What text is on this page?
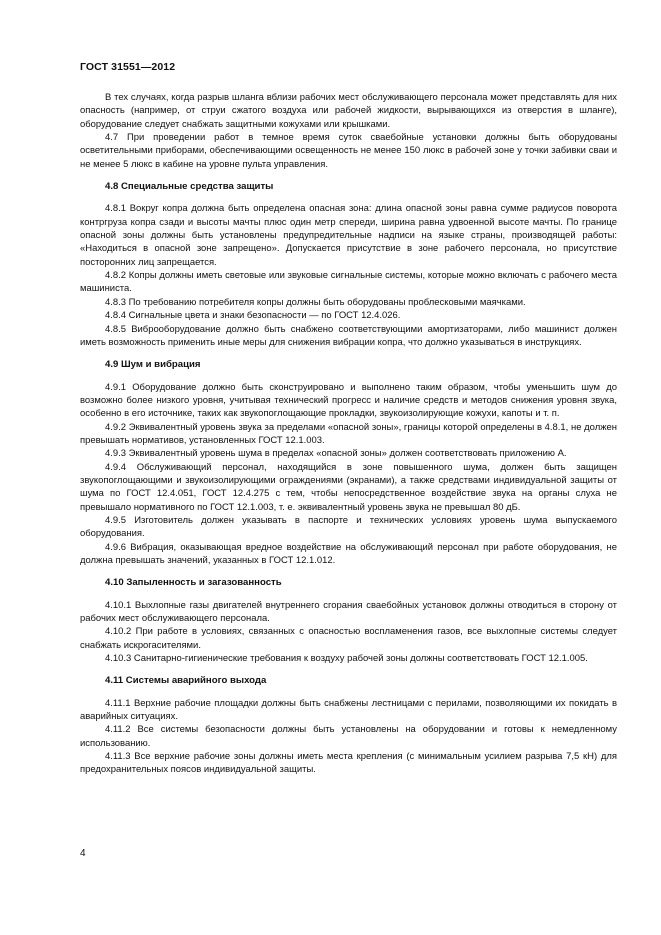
ГОСТ 31551—2012

В тех случаях, когда разрыв шланга вблизи рабочих мест обслуживающего персонала может представлять для них опасность (например, от струи сжатого воздуха или рабочей жидкости, вырывающихся из отверстия в шланге), оборудование следует снабжать защитными кожухами или крышками.

4.7 При проведении работ в темное время суток сваебойные установки должны быть оборудованы осветительными приборами, обеспечивающими освещенность не менее 150 люкс в рабочей зоне у точки забивки сваи и не менее 5 люкс в кабине на уровне пульта управления.

4.8 Специальные средства защиты

4.8.1 Вокруг копра должна быть определена опасная зона: длина опасной зоны равна сумме радиусов поворота контргруза копра сзади и высоты мачты плюс один метр спереди, ширина равна удвоенной высоте мачты. По границе опасной зоны должны быть установлены предупредительные надписи на языке страны, производящей работы: «Находиться в опасной зоне запрещено». Допускается присутствие в зоне рабочего персонала, но присутствие посторонних лиц запрещается.

4.8.2 Копры должны иметь световые или звуковые сигнальные системы, которые можно включать с рабочего места машиниста.

4.8.3 По требованию потребителя копры должны быть оборудованы проблесковыми маячками.

4.8.4 Сигнальные цвета и знаки безопасности — по ГОСТ 12.4.026.

4.8.5 Виброоборудование должно быть снабжено соответствующими амортизаторами, либо машинист должен иметь возможность применить иные меры для снижения вибрации копра, что должно указываться в инструкциях.

4.9 Шум и вибрация

4.9.1 Оборудование должно быть сконструировано и выполнено таким образом, чтобы уменьшить шум до возможно более низкого уровня, учитывая технический прогресс и наличие средств и методов снижения уровня звука, особенно в его источнике, таких как звукопоглощающие прокладки, звукоизолирующие кожухи, капоты и т. п.

4.9.2 Эквивалентный уровень звука за пределами «опасной зоны», границы которой определены в 4.8.1, не должен превышать нормативов, установленных ГОСТ 12.1.003.

4.9.3 Эквивалентный уровень шума в пределах «опасной зоны» должен соответствовать приложению А.

4.9.4 Обслуживающий персонал, находящийся в зоне повышенного шума, должен быть защищен звукопоглощающими и звукоизолирующими ограждениями (экранами), а также средствами индивидуальной защиты от шума по ГОСТ 12.4.051, ГОСТ 12.4.275 с тем, чтобы непосредственное воздействие звука на органы слуха не превышало нормативного по ГОСТ 12.1.003, т. е. эквивалентный уровень звука не превышал 80 дБ.

4.9.5 Изготовитель должен указывать в паспорте и технических условиях уровень шума выпускаемого оборудования.

4.9.6 Вибрация, оказывающая вредное воздействие на обслуживающий персонал при работе оборудования, не должна превышать значений, указанных в ГОСТ 12.1.012.

4.10 Запыленность и загазованность

4.10.1 Выхлопные газы двигателей внутреннего сгорания сваебойных установок должны отводиться в сторону от рабочих мест обслуживающего персонала.

4.10.2 При работе в условиях, связанных с опасностью воспламенения газов, все выхлопные системы следует снабжать искрогасителями.

4.10.3 Санитарно-гигиенические требования к воздуху рабочей зоны должны соответствовать ГОСТ 12.1.005.

4.11 Системы аварийного выхода

4.11.1 Верхние рабочие площадки должны быть снабжены лестницами с перилами, позволяющими их покидать в аварийных ситуациях.

4.11.2 Все системы безопасности должны быть установлены на оборудовании и готовы к немедленному использованию.

4.11.3 Все верхние рабочие зоны должны иметь места крепления (с минимальным усилием разрыва 7,5 кН) для предохранительных поясов индивидуальной защиты.

4
